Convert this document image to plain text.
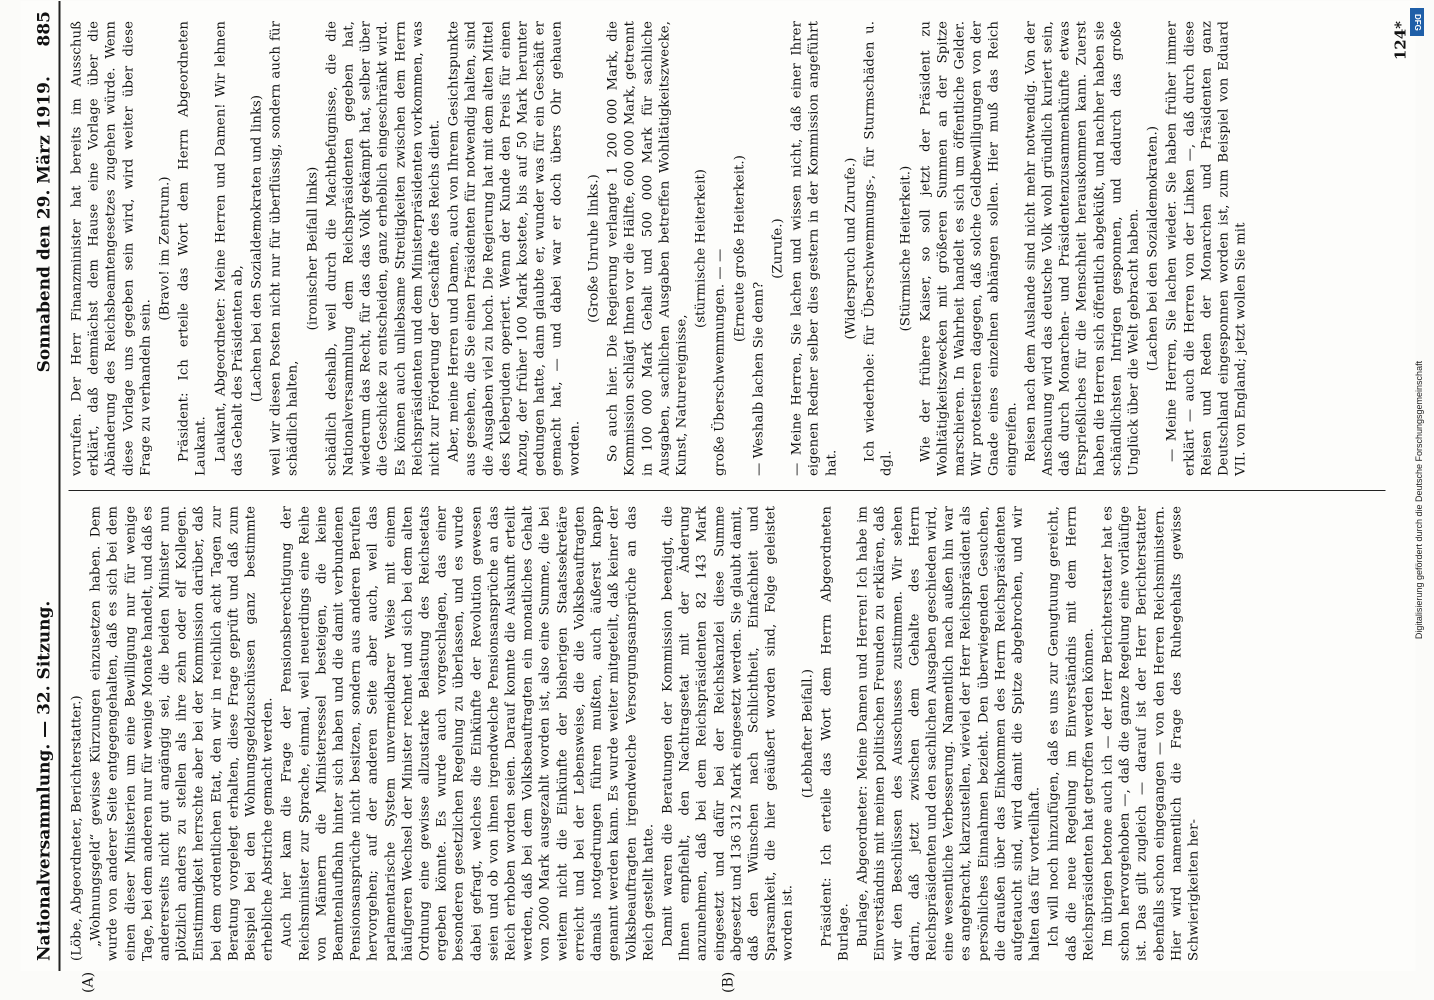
Nationalversammlung. — 32. Sitzung.
Sonnabend den 29. März 1919.     885
(A)	(B)

(Löbe, Abgeordneter, Berichterstatter.) „Wohnungsgeld“ gewisse Kürzungen einzusetzen haben. Dem wurde von anderer Seite entgegengehalten, daß es sich bei dem einen dieser Ministerien um eine Bewilligung nur für wenige Tage, bei dem anderen nur für wenige Monate handelt, und daß es andererseits nicht gut angängig sei, die beiden Minister nun plötzlich anders zu stellen als ihre zehn oder elf Kollegen. Einstimmigkeit herrschte aber bei der Kommission darüber, daß bei dem ordentlichen Etat, den wir in reichlich acht Tagen zur Beratung vorgelegt erhalten, diese Frage geprüft und daß zum Beispiel bei den Wohnungsgeldzuschüssen ganz bestimmte erhebliche Abstriche gemacht werden. Auch hier kam die Frage der Pensionsberechtigung der Reichsminister zur Sprache, einmal, weil neuerdings eine Reihe von Männern die Ministersessel besteigen, die keine Beamtenlaufbahn hinter sich haben und die damit verbundenen Pensionsansprüche nicht besitzen, sondern aus anderen Berufen hervorgehen; auf der anderen Seite aber auch, weil das parlamentarische System unvermeidbarer Weise mit einem häufigeren Wechsel der Minister rechnet und sich bei dem alten Ordnung eine gewisse allzustarke Belastung des Reichsetats ergeben könnte. Es wurde auch vorgeschlagen, das einer besonderen gesetzlichen Regelung zu überlassen, und es wurde dabei gefragt, welches die Einkünfte der Revolution gewesen seien und ob von ihnen irgendwelche Pensionsansprüche an das Reich erhoben worden seien. Darauf konnte die Auskunft erteilt werden, daß bei dem Volksbeauftragten ein monatliches Gehalt von 2000 Mark ausgezahlt worden ist, also eine Summe, die bei weitem nicht die Einkünfte der bisherigen Staatssekretäre erreicht und bei der Lebensweise, die die Volksbeauftragten damals notgedrungen führen mußten, auch äußerst knapp genannt werden kann. Es wurde weiter mitgeteilt, daß keiner der Volksbeauftragten irgendwelche Versorgungsansprüche an das Reich gestellt hatte. Damit waren die Beratungen der Kommission beendigt, die Ihnen empfiehlt, den Nachtragsetat mit der Änderung anzunehmen, daß bei dem Reichspräsidenten 82 143 Mark eingesetzt und dafür bei der Reichskanzlei diese Summe abgesetzt und 136 312 Mark eingesetzt werden. Sie glaubt damit, daß den Wünschen nach Schlichtheit, Einfachheit und Sparsamkeit, die hier geäußert worden sind, Folge geleistet worden ist.

(Lebhafter Beifall.) Präsident: Ich erteile das Wort dem Herrn Abgeordneten Burlage. Burlage, Abgeordneter: Meine Damen und Herren! Ich habe im Einverständnis mit meinen politischen Freunden zu erklären, daß wir den Beschlüssen des Ausschusses zustimmen. Wir sehen darin, daß jetzt zwischen dem Gehalte des Herrn Reichspräsidenten und den sachlichen Ausgaben geschieden wird, eine wesentliche Verbesserung. Namentlich nach außen hin war es angebracht, klarzustellen, wieviel der Herr Reichspräsident als persönliches Einnahmen bezieht. Den überwiegenden Gesuchen, die draußen über das Einkommen des Herrn Reichspräsidenten aufgetaucht sind, wird damit die Spitze abgebrochen, und wir halten das für vorteilhaft. Ich will noch hinzufügen, daß es uns zur Genugtuung gereicht, daß die neue Regelung im Einverständnis mit dem Herrn Reichspräsidenten hat getroffen werden können. Im übrigen betone auch ich — der Herr Berichterstatter hat es schon hervorgehoben —, daß die ganze Regelung eine vorläufige ist. Das gilt zugleich — darauf ist der Herr Berichterstatter ebenfalls schon eingegangen — von den Herren Reichsministern. Hier wird namentlich die Frage des Ruhegehalts gewisse Schwierigkeiten her-

vorrufen. Der Herr Finanzminister hat bereits im Ausschuß erklärt, daß demnächst dem Hause eine Vorlage über die Abänderung des Reichsbeamtengesetzes zugehen würde. Wenn diese Vorlage uns gegeben sein wird, wird weiter über diese Frage zu verhandeln sein.

(Bravo! im Zentrum.) Präsident: Ich erteile das Wort dem Herrn Abgeordneten Laukant. Laukant, Abgeordneter: Meine Herren und Damen! Wir lehnen das Gehalt des Präsidenten ab, (Lachen bei den Sozialdemokraten und links) weil wir diesen Posten nicht nur für überflüssig, sondern auch für schädlich halten,

(ironischer Beifall links) schädlich deshalb, weil durch die Machtbefugnisse, die die Nationalversammlung dem Reichspräsidenten gegeben hat, wiederum das Recht, für das das Volk gekämpft hat, selber über die Geschicke zu entscheiden, ganz erheblich eingeschränkt wird. Es können auch unliebsame Streitigkeiten zwischen dem Herrn Reichspräsidenten und dem Ministerpräsidenten vorkommen, was nicht zur Förderung der Geschäfte des Reichs dient. Aber, meine Herren und Damen, auch von Ihrem Gesichtspunkte aus gesehen, die Sie einen Präsidenten für notwendig halten, sind die Ausgaben viel zu hoch. Die Regierung hat mit dem alten Mittel des Kleberjuden operiert. Wenn der Kunde den Preis für einen Anzug, der früher 100 Mark kostete, bis auf 50 Mark herunter gedungen hatte, dann glaubte er, wunder was für ein Geschäft er gemacht hat, — und dabei war er doch übers Ohr gehauen worden.

(Große Unruhe links.) So auch hier. Die Regierung verlangte 1 200 000 Mark, die Kommission schlägt Ihnen vor die Hälfte, 600 000 Mark, getrennt in 100 000 Mark Gehalt und 500 000 Mark für sachliche Ausgaben, sachlichen Ausgaben betreffen Wohltätigkeitszwecke, Kunst, Naturereignisse,

(stürmische Heiterkeit)

große Überschwemmungen. — —

(Erneute große Heiterkeit.)

— Weshalb lachen Sie denn?

(Zurufe.) — Meine Herren, Sie lachen und wissen nicht, daß einer Ihrer eigenen Redner selber dies gestern in der Kommission angeführt hat.

(Widerspruch und Zurufe.) Ich wiederhole: für Überschwemmungs-, für Sturmschäden u. dgl.

(Stürmische Heiterkeit.) Wie der frühere Kaiser, so soll jetzt der Präsident zu Wohltätigkeitszwecken mit größeren Summen an der Spitze marschieren. In Wahrheit handelt es sich um öffentliche Gelder. Wir protestieren dagegen, daß solche Geldbewilligungen von der Gnade eines einzelnen abhängen sollen. Hier muß das Reich eingreifen. Reisen nach dem Auslande sind nicht mehr notwendig. Von der Anschauung wird das deutsche Volk wohl gründlich kuriert sein, daß durch Monarchen- und Präsidentenzusammenkünfte etwas Ersprießliches für die Menschheit herauskommen kann. Zuerst haben die Herren sich öffentlich abgeküßt, und nachher haben sie schändlichsten Intrigen gesponnen, und dadurch das große Unglück über die Welt gebracht haben. (Lachen bei den Sozialdemokraten.) — Meine Herren, Sie lachen wieder. Sie haben früher immer erklärt — auch die Herren von der Linken —, daß durch diese Reisen und Reden der Monarchen und Präsidenten ganz Deutschland eingesponnen worden ist, zum Beispiel von Eduard VII. von England; jetzt wollen Sie mit

124*
Digitalisierung gefördert durch die Deutsche Forschungsgemeinschaft
DFG
